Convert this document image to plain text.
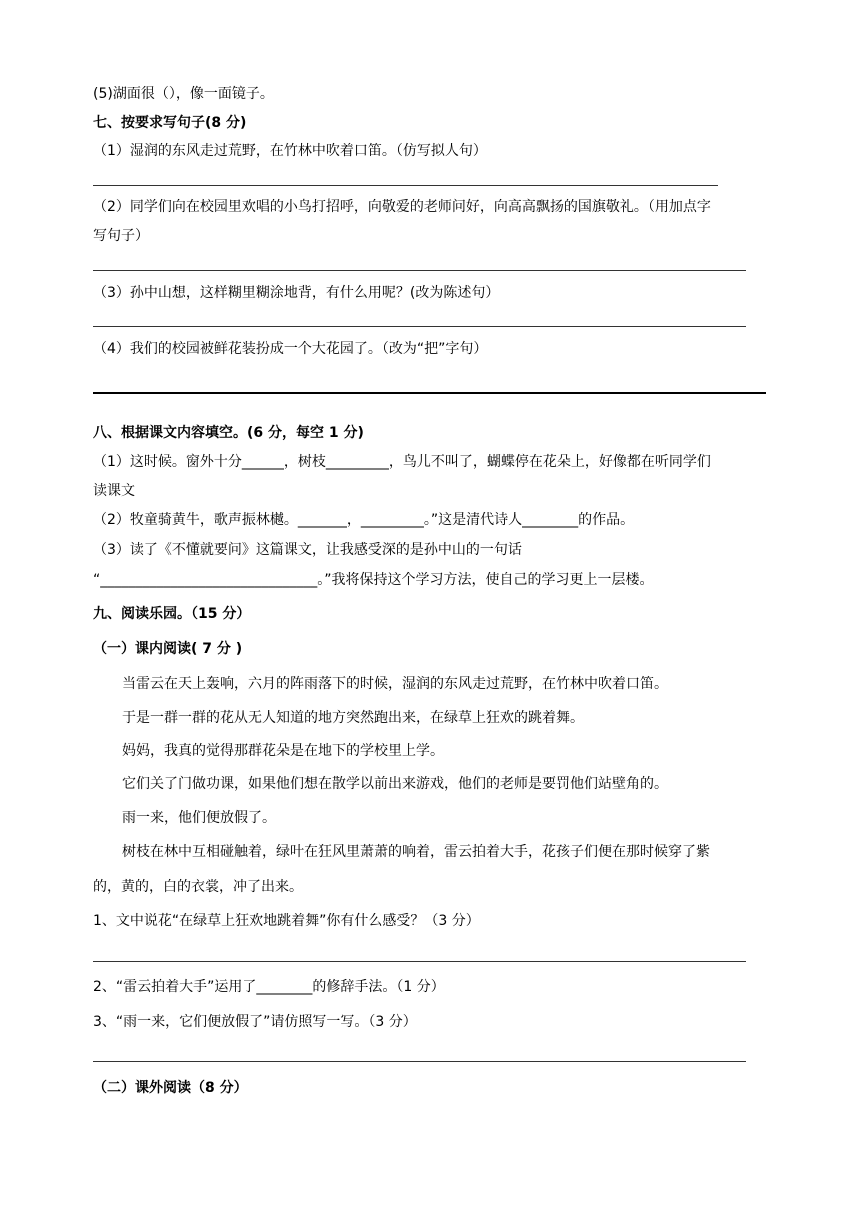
(5)湖面很（），像一面镜子。
七、按要求写句子(8 分)
（1）湿润的东风走过荒野，在竹林中吹着口笛。（仿写拟人句）
（2）同学们向在校园里欢唱的小鸟打招呼，向敬爱的老师问好，向高高飘扬的国旗敬礼。（用加点字
写句子）
（3）孙中山想，这样糊里糊涂地背，有什么用呢？(改为陈述句）
（4）我们的校园被鲜花装扮成一个大花园了。（改为“把”字句）
八、根据课文内容填空。(6 分，每空 1 分)
（1）这时候。窗外十分______，树枝_________，鸟儿不叫了，蝴蝶停在花朵上，好像都在听同学们
读课文
（2）牧童骑黄牛，歌声振林樾。_______，_________。”这是清代诗人________的作品。
（3）读了《不懂就要问》这篇课文，让我感受深的是孙中山的一句话
“_______________________________。”我将保持这个学习方法，使自己的学习更上一层楼。
九、阅读乐园。（15 分）
（一）课内阅读( 7 分 )
当雷云在天上轰响，六月的阵雨落下的时候，湿润的东风走过荒野，在竹林中吹着口笛。
于是一群一群的花从无人知道的地方突然跑出来，在绿草上狂欢的跳着舞。
妈妈，我真的觉得那群花朵是在地下的学校里上学。
它们关了门做功课，如果他们想在散学以前出来游戏，他们的老师是要罚他们站壁角的。
雨一来，他们便放假了。
树枝在林中互相碰触着，绿叶在狂风里萧萧的响着，雷云拍着大手，花孩子们便在那时候穿了紫
的，黄的，白的衣裳，冲了出来。
1、文中说花“在绿草上狂欢地跳着舞”你有什么感受？（3 分）
2、“雷云拍着大手”运用了________的修辞手法。（1 分）
3、“雨一来，它们便放假了”请仿照写一写。（3 分）
（二）课外阅读（8 分）
